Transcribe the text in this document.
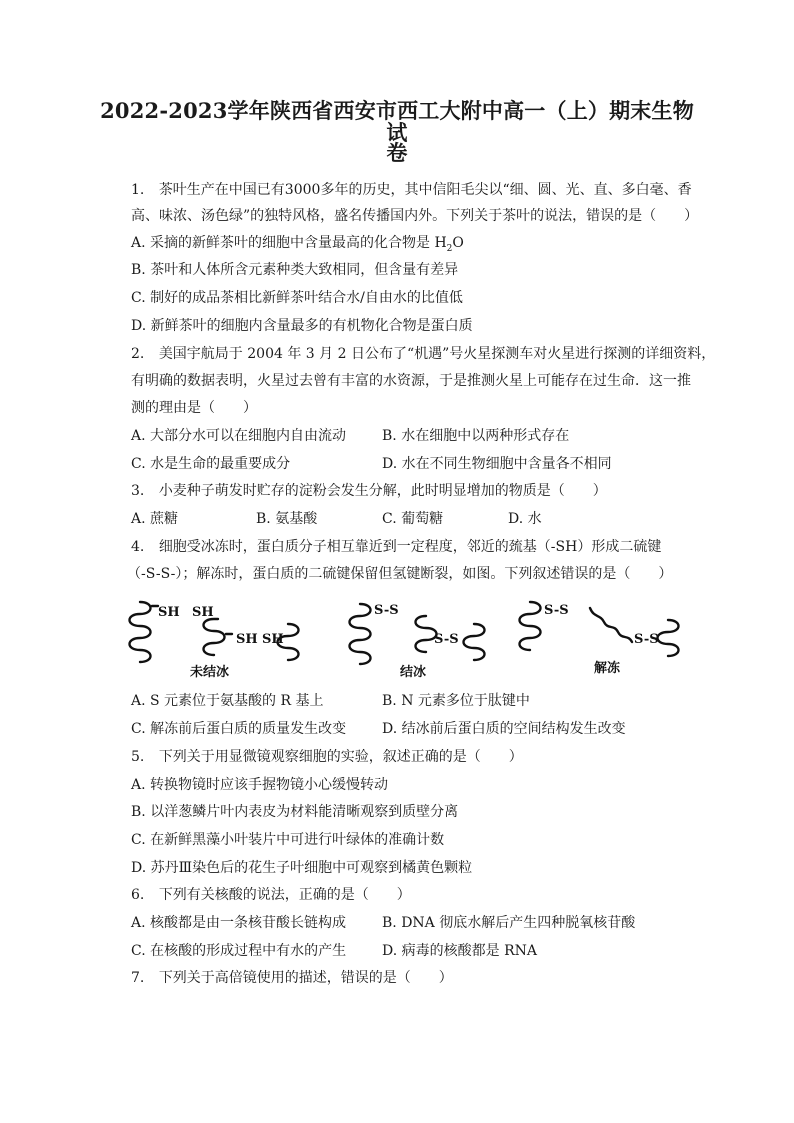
2022-2023学年陕西省西安市西工大附中高一（上）期末生物试
卷
1. 茶叶生产在中国已有3000多年的历史，其中信阳毛尖以“细、圆、光、直、多白毫、香
高、味浓、汤色绿”的独特风格，盛名传播国内外。下列关于茶叶的说法，错误的是（　　）
A. 采摘的新鲜茶叶的细胞中含量最高的化合物是 $H_2O$
B. 茶叶和人体所含元素种类大致相同，但含量有差异
C. 制好的成品茶相比新鲜茶叶结合水/自由水的比值低
D. 新鲜茶叶的细胞内含量最多的有机物化合物是蛋白质
2. 美国宇航局于 2004 年 3 月 2 日公布了“机遇”号火星探测车对火星进行探测的详细资料，
有明确的数据表明，火星过去曾有丰富的水资源，于是推测火星上可能存在过生命．这一推
测的理由是（　　）
A. 大部分水可以在细胞内自由流动	B. 水在细胞中以两种形式存在
C. 水是生命的最重要成分	D. 水在不同生物细胞中含量各不相同
3. 小麦种子萌发时贮存的淀粉会发生分解，此时明显增加的物质是（　　）
A. 蔗糖	B. 氨基酸	C. 葡萄糖	D. 水
4. 细胞受冰冻时，蛋白质分子相互靠近到一定程度，邻近的巯基（-SH）形成二硫键
（-S-S-）；解冻时，蛋白质的二硫键保留但氢键断裂，如图。下列叙述错误的是（　　）
SH SH
SH SH
S-S
S-S
S-S
S-S
未结冰	结冰	解冻
A. S 元素位于氨基酸的 R 基上	B. N 元素多位于肽键中
C. 解冻前后蛋白质的质量发生改变	D. 结冰前后蛋白质的空间结构发生改变
5. 下列关于用显微镜观察细胞的实验，叙述正确的是（　　）
A. 转换物镜时应该手握物镜小心缓慢转动
B. 以洋葱鳞片叶内表皮为材料能清晰观察到质壁分离
C. 在新鲜黑藻小叶装片中可进行叶绿体的准确计数
D. 苏丹Ⅲ染色后的花生子叶细胞中可观察到橘黄色颗粒
6. 下列有关核酸的说法，正确的是（　　）
A. 核酸都是由一条核苷酸长链构成	B. DNA 彻底水解后产生四种脱氧核苷酸
C. 在核酸的形成过程中有水的产生	D. 病毒的核酸都是 RNA
7. 下列关于高倍镜使用的描述，错误的是（　　）
